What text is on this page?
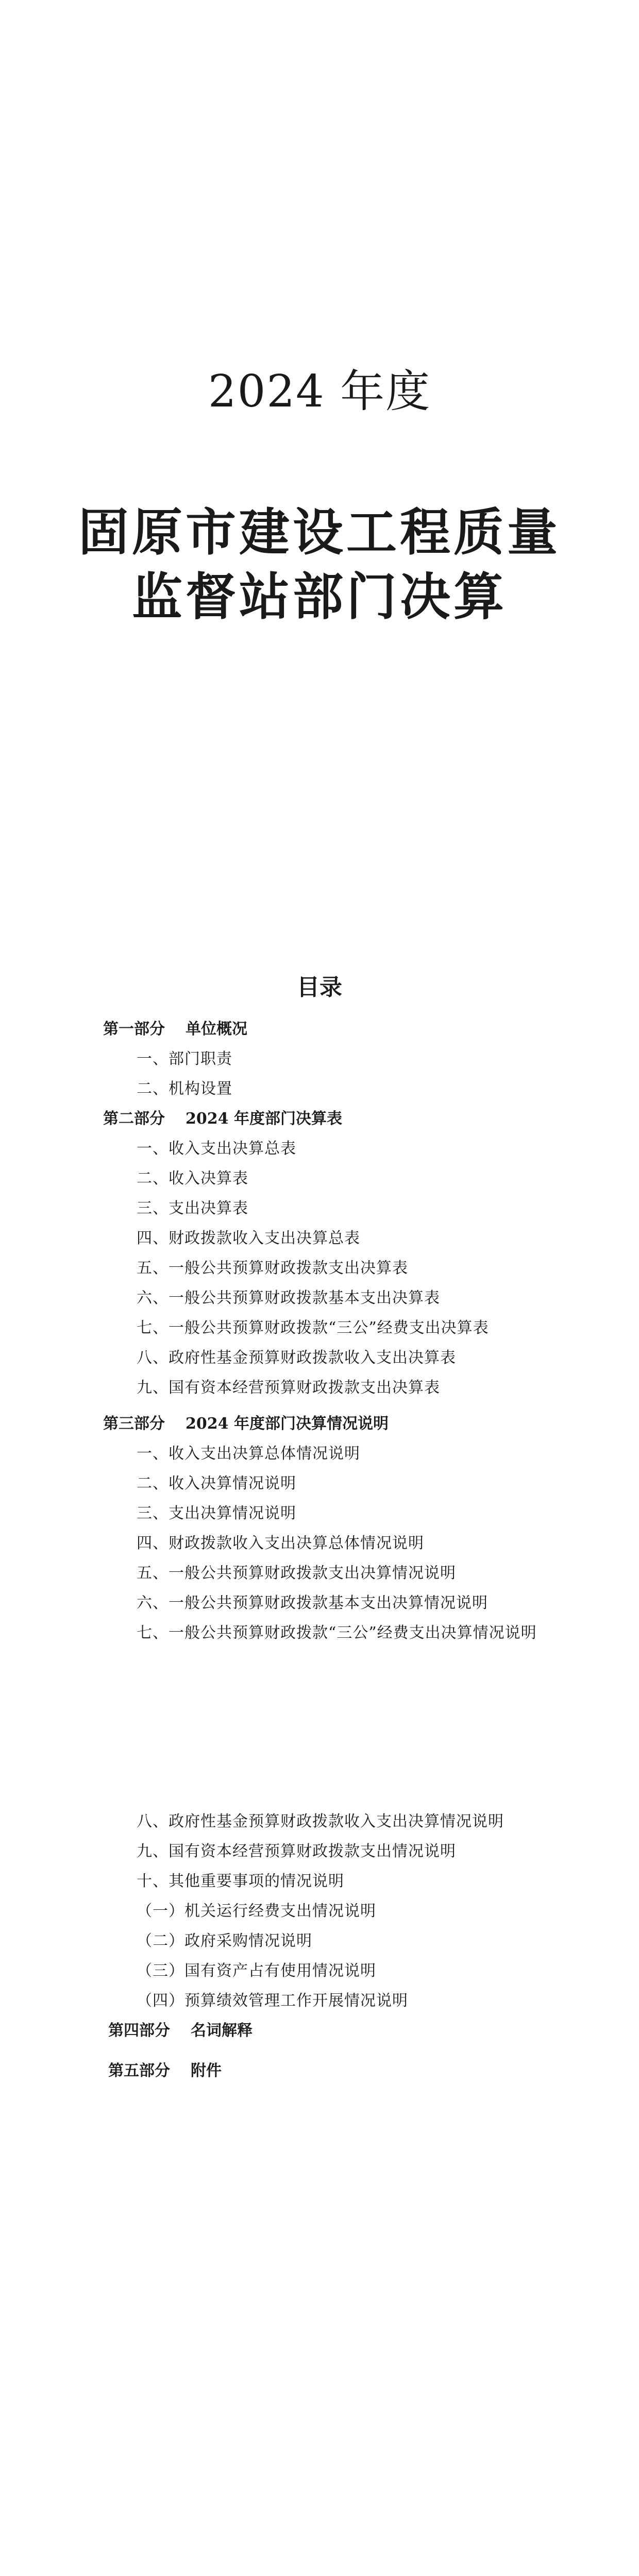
2024 年度
固原市建设工程质量
监督站部门决算
目录
第一部分 单位概况
一、部门职责
二、机构设置
第二部分 2024 年度部门决算表
一、收入支出决算总表
二、收入决算表
三、支出决算表
四、财政拨款收入支出决算总表
五、一般公共预算财政拨款支出决算表
六、一般公共预算财政拨款基本支出决算表
七、一般公共预算财政拨款“三公”经费支出决算表
八、政府性基金预算财政拨款收入支出决算表
九、国有资本经营预算财政拨款支出决算表
第三部分 2024 年度部门决算情况说明
一、收入支出决算总体情况说明
二、收入决算情况说明
三、支出决算情况说明
四、财政拨款收入支出决算总体情况说明
五、一般公共预算财政拨款支出决算情况说明
六、一般公共预算财政拨款基本支出决算情况说明
七、一般公共预算财政拨款“三公”经费支出决算情况说明
八、政府性基金预算财政拨款收入支出决算情况说明
九、国有资本经营预算财政拨款支出情况说明
十、其他重要事项的情况说明
（一）机关运行经费支出情况说明
（二）政府采购情况说明
（三）国有资产占有使用情况说明
（四）预算绩效管理工作开展情况说明
第四部分 名词解释
第五部分 附件
